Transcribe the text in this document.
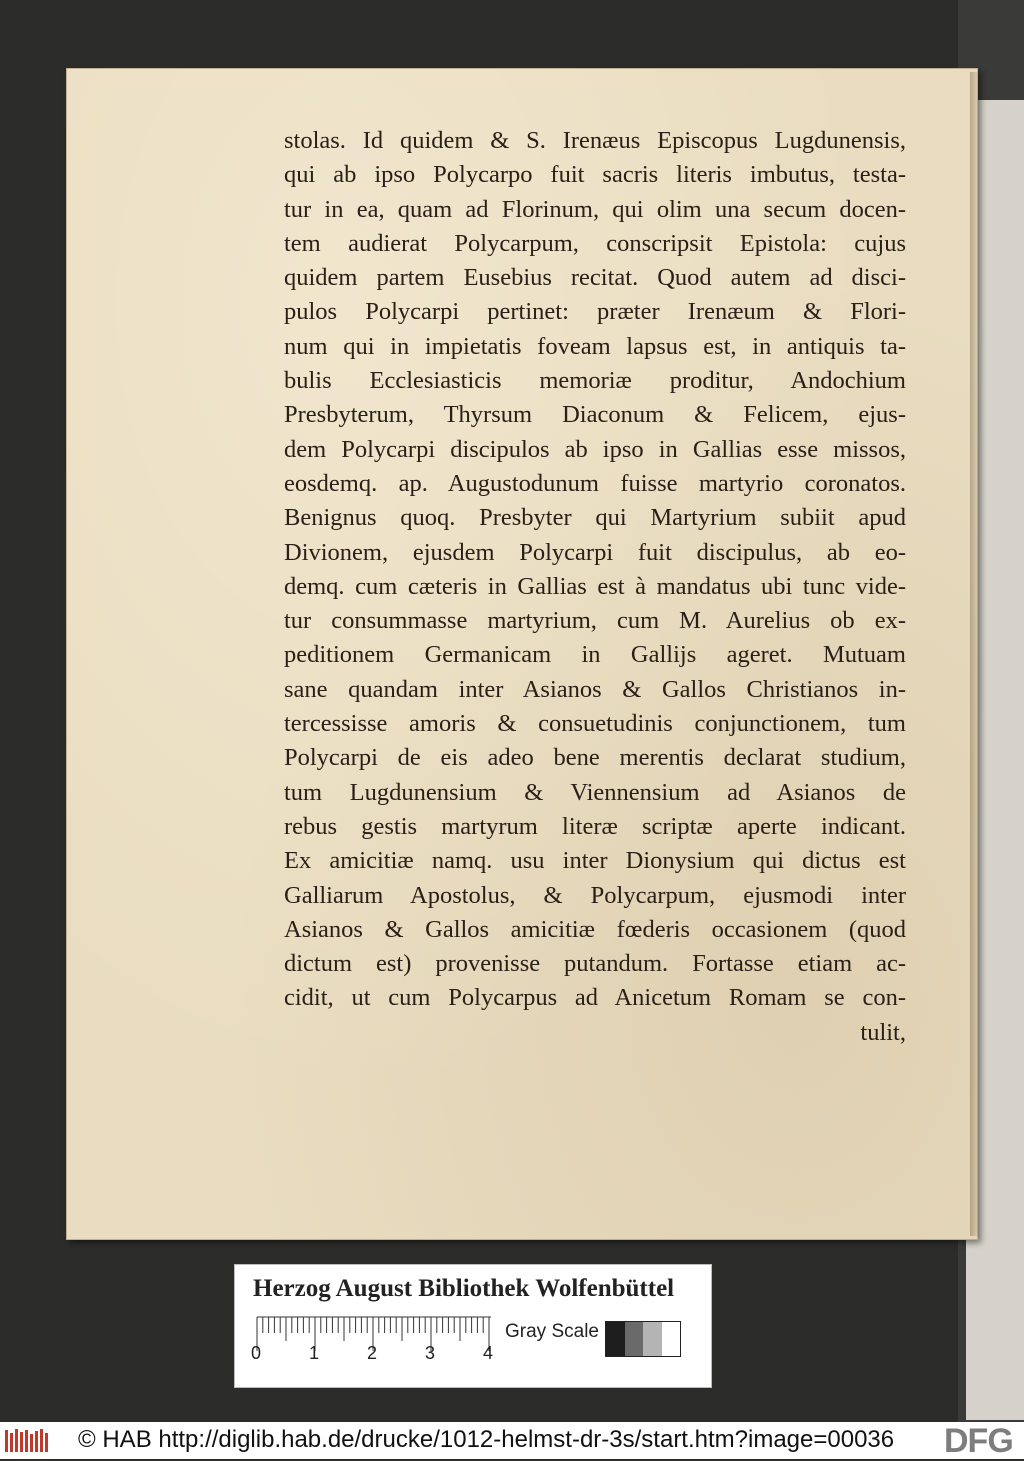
stolas. Id quidem & S. Irenæus Episcopus Lugdunensis,
qui ab ipso Polycarpo fuit sacris literis imbutus, testa-
tur in ea, quam ad Florinum, qui olim una secum docen-
tem audierat Polycarpum, conscripsit Epistola: cujus
quidem partem Eusebius recitat. Quod autem ad disci-
pulos Polycarpi pertinet: præter Irenæum & Flori-
num qui in impietatis foveam lapsus est, in antiquis ta-
bulis Ecclesiasticis memoriæ proditur, Andochium
Presbyterum, Thyrsum Diaconum & Felicem, ejus-
dem Polycarpi discipulos ab ipso in Gallias esse missos,
eosdemq. ap. Augustodunum fuisse martyrio coronatos.
Benignus quoq. Presbyter qui Martyrium subiit apud
Divionem, ejusdem Polycarpi fuit discipulus, ab eo-
demq. cum cæteris in Gallias est à mandatus ubi tunc vide-
tur consummasse martyrium, cum M. Aurelius ob ex-
peditionem Germanicam in Gallijs ageret. Mutuam
sane quandam inter Asianos & Gallos Christianos in-
tercessisse amoris & consuetudinis conjunctionem, tum
Polycarpi de eis adeo bene merentis declarat studium,
tum Lugdunensium & Viennensium ad Asianos de
rebus gestis martyrum literæ scriptæ aperte indicant.
Ex amicitiæ namq. usu inter Dionysium qui dictus est
Galliarum Apostolus, & Polycarpum, ejusmodi inter
Asianos & Gallos amicitiæ fœderis occasionem (quod
dictum est) provenisse putandum. Fortasse etiam ac-
cidit, ut cum Polycarpus ad Anicetum Romam se con-
tulit,
Herzog August Bibliothek Wolfenbüttel
0	1	2	3	4
Gray Scale
© HAB http://diglib.hab.de/drucke/1012-helmst-dr-3s/start.htm?image=00036 DFG
